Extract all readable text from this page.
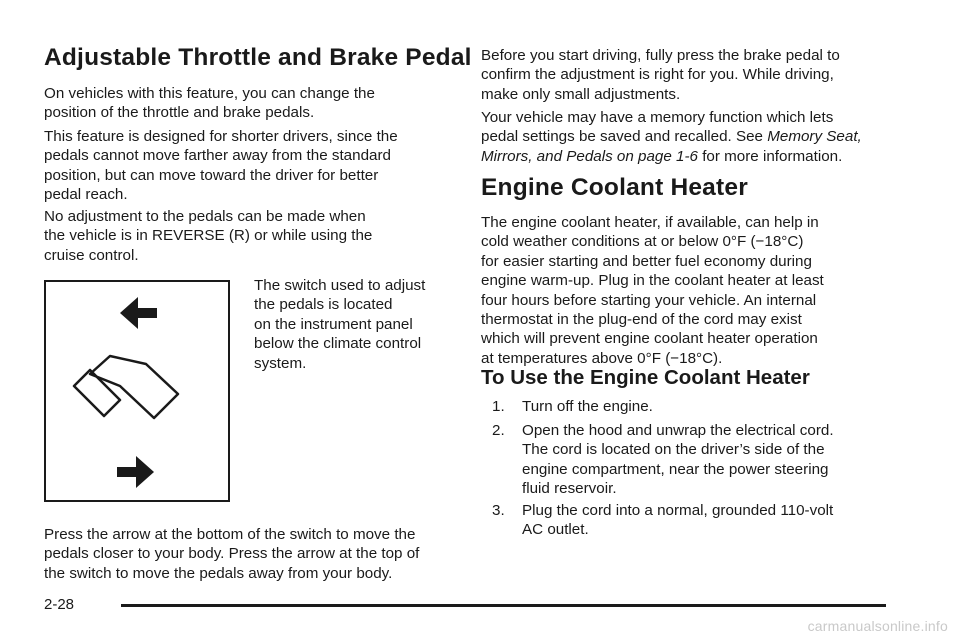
Adjustable Throttle and Brake Pedal

On vehicles with this feature, you can change the
position of the throttle and brake pedals.

This feature is designed for shorter drivers, since the
pedals cannot move farther away from the standard
position, but can move toward the driver for better
pedal reach.

No adjustment to the pedals can be made when
the vehicle is in REVERSE (R) or while using the
cruise control.

The switch used to adjust
the pedals is located
on the instrument panel
below the climate control
system.

Press the arrow at the bottom of the switch to move the
pedals closer to your body. Press the arrow at the top of
the switch to move the pedals away from your body.

Before you start driving, fully press the brake pedal to
confirm the adjustment is right for you. While driving,
make only small adjustments.

Your vehicle may have a memory function which lets
pedal settings be saved and recalled. See Memory Seat,
Mirrors, and Pedals on page 1-6 for more information.

Engine Coolant Heater

The engine coolant heater, if available, can help in
cold weather conditions at or below 0°F (−18°C)
for easier starting and better fuel economy during
engine warm-up. Plug in the coolant heater at least
four hours before starting your vehicle. An internal
thermostat in the plug-end of the cord may exist
which will prevent engine coolant heater operation
at temperatures above 0°F (−18°C).

To Use the Engine Coolant Heater
1. Turn off the engine.
2. Open the hood and unwrap the electrical cord.
The cord is located on the driver’s side of the
engine compartment, near the power steering
fluid reservoir.
3. Plug the cord into a normal, grounded 110-volt
AC outlet.
2-28
carmanualsonline.info
